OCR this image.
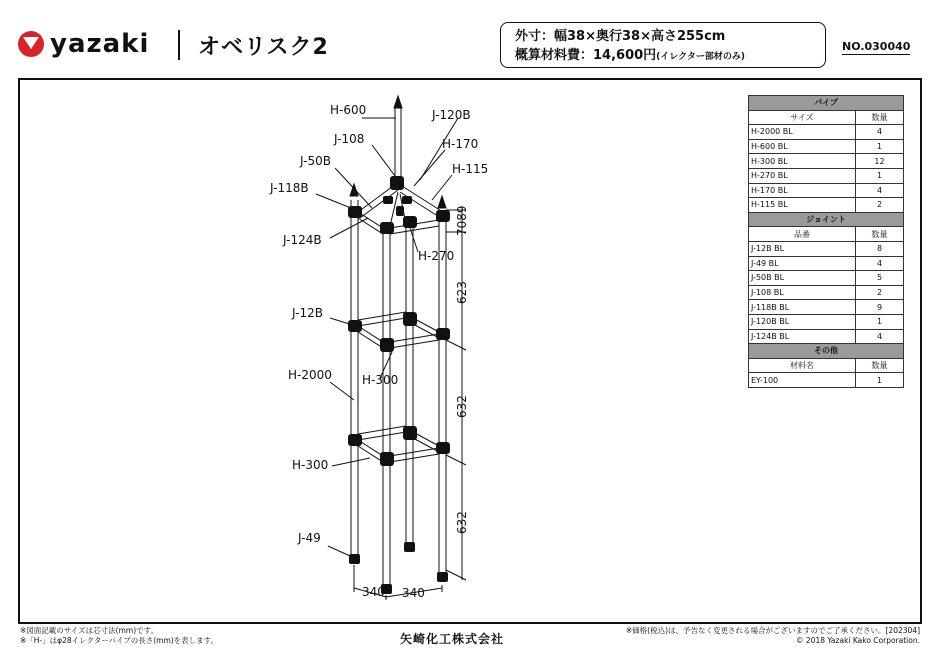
yazaki オベリスク2	外寸：幅38×奥行38×高さ255cm
概算材料費：14,600円(イレクター部材のみ)
NO.030040
H-600	J-120B
J-108	H-170
J-50B
H-115
J-118B
J-124B
H-270
J-12B
H-2000	H-300
H-300
J-49
7089
623
632
632
340 340
パイプ	
サイズ	数量
H-2000 BL	4
H-600 BL	1
H-300 BL	12
H-270 BL	1
H-170 BL	4
H-115 BL	2
ジョイント	
品番	数量
J-12B BL	8
J-49 BL	4
J-50B BL	5
J-108 BL	2
J-118B BL	9
J-120B BL	1
J-124B BL	4
その他	
材料名	数量
EY-100	1
※図面記載のサイズは芯寸法(mm)です。
※「H-」はφ28イレクターパイプの長さ(mm)を表します。	矢崎化工株式会社
※価格(税込)は、予告なく変更される場合がございますのでご了承ください。[202304]
© 2018 Yazaki Kako Corporation.
